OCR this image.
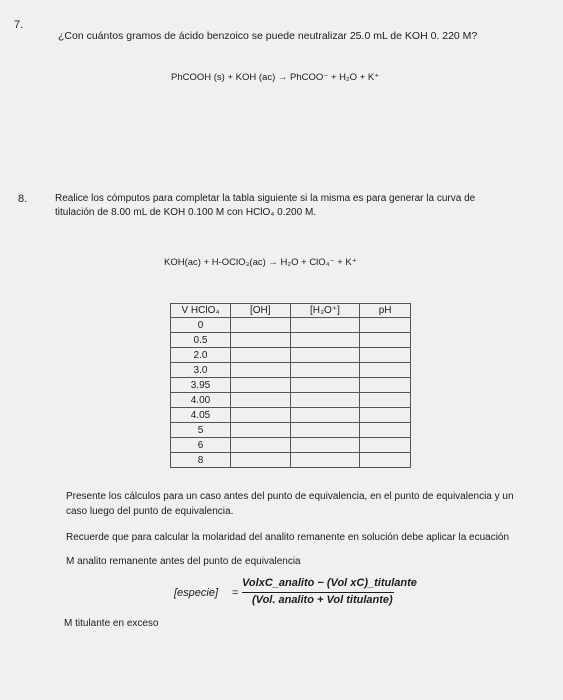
7.
¿Con cuántos gramos de ácido benzoico se puede neutralizar 25.0 mL de KOH 0. 220 M?
PhCOOH (s) + KOH (ac) → PhCOO⁻ + H₂O + K⁺
8.	Realice los cómputos para completar la tabla siguiente si la misma es para generar la curva de
titulación de 8.00 mL de KOH 0.100 M con HClO₄ 0.200 M.
KOH(ac) + H-OClO₃(ac) → H₂O + ClO₄⁻ + K⁺
V HClO₄	[OH]	[H₃O⁺]	pH
0			
0.5			
2.0			
3.0			
3.95			
4.00			
4.05			
5			
6			
8			
Presente los cálculos para un caso antes del punto de equivalencia, en el punto de equivalencia y un
caso luego del punto de equivalencia.
Recuerde que para calcular la molaridad del analito remanente en solución debe aplicar la ecuación
M analito remanente antes del punto de equivalencia
[especie] =
VolxC_analito − (Vol xC)_titulante
(Vol. analito + Vol titulante)
M titulante en exceso
